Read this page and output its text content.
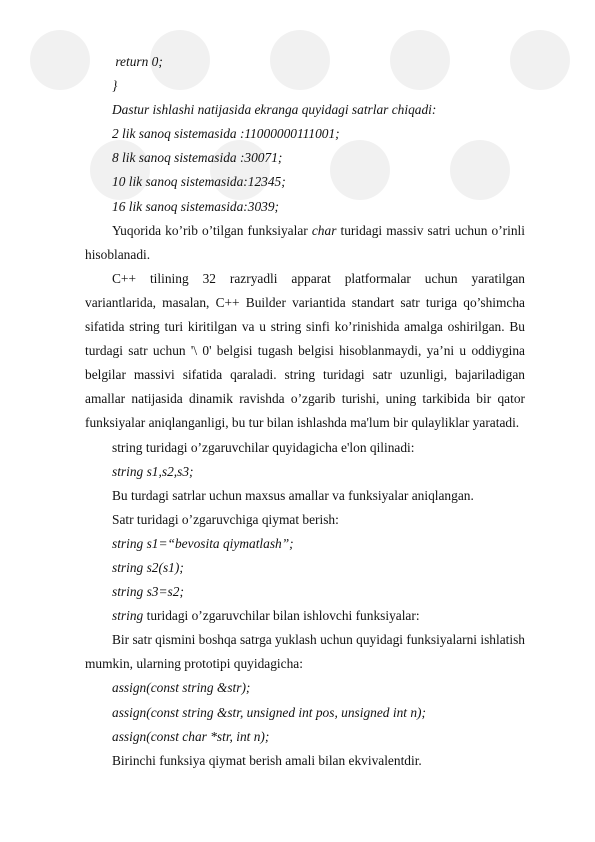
return 0;
}
Dastur ishlashi natijasida ekranga quyidagi satrlar chiqadi:
2 lik sanoq sistemasida :11000000111001;
8 lik sanoq sistemasida :30071;
10 lik sanoq sistemasida:12345;
16 lik sanoq sistemasida:3039;

Yuqorida ko’rib o’tilgan funksiyalar char turidagi massiv satri uchun o’rinli hisoblanadi.

C++ tilining 32 razryadli apparat platformalar uchun yaratilgan variantlarida, masalan, C++ Builder variantida standart satr turiga qo’shimcha sifatida string turi kiritilgan va u string sinfi ko’rinishida amalga oshirilgan. Bu turdagi satr uchun '\ 0' belgisi tugash belgisi hisoblanmaydi, ya’ni u oddiygina belgilar massivi sifatida qaraladi. string turidagi satr uzunligi, bajariladigan amallar natijasida dinamik ravishda o’zgarib turishi, uning tarkibida bir qator funksiyalar aniqlanganligi, bu tur bilan ishlashda ma'lum bir qulayliklar yaratadi.

string turidagi o’zgaruvchilar quyidagicha e'lon qilinadi:
string s1,s2,s3;
Bu turdagi satrlar uchun maxsus amallar va funksiyalar aniqlangan.
Satr turidagi o’zgaruvchiga qiymat berish:
string s1=“bevosita qiymatlash”;
string s2(s1);
string s3=s2;
string turidagi o’zgaruvchilar bilan ishlovchi funksiyalar:

Bir satr qismini boshqa satrga yuklash uchun quyidagi funksiyalarni ishlatish mumkin, ularning prototipi quyidagicha:

assign(const string &str);
assign(const string &str, unsigned int pos, unsigned int n);
assign(const char *str, int n);
Birinchi funksiya qiymat berish amali bilan ekvivalentdir.
